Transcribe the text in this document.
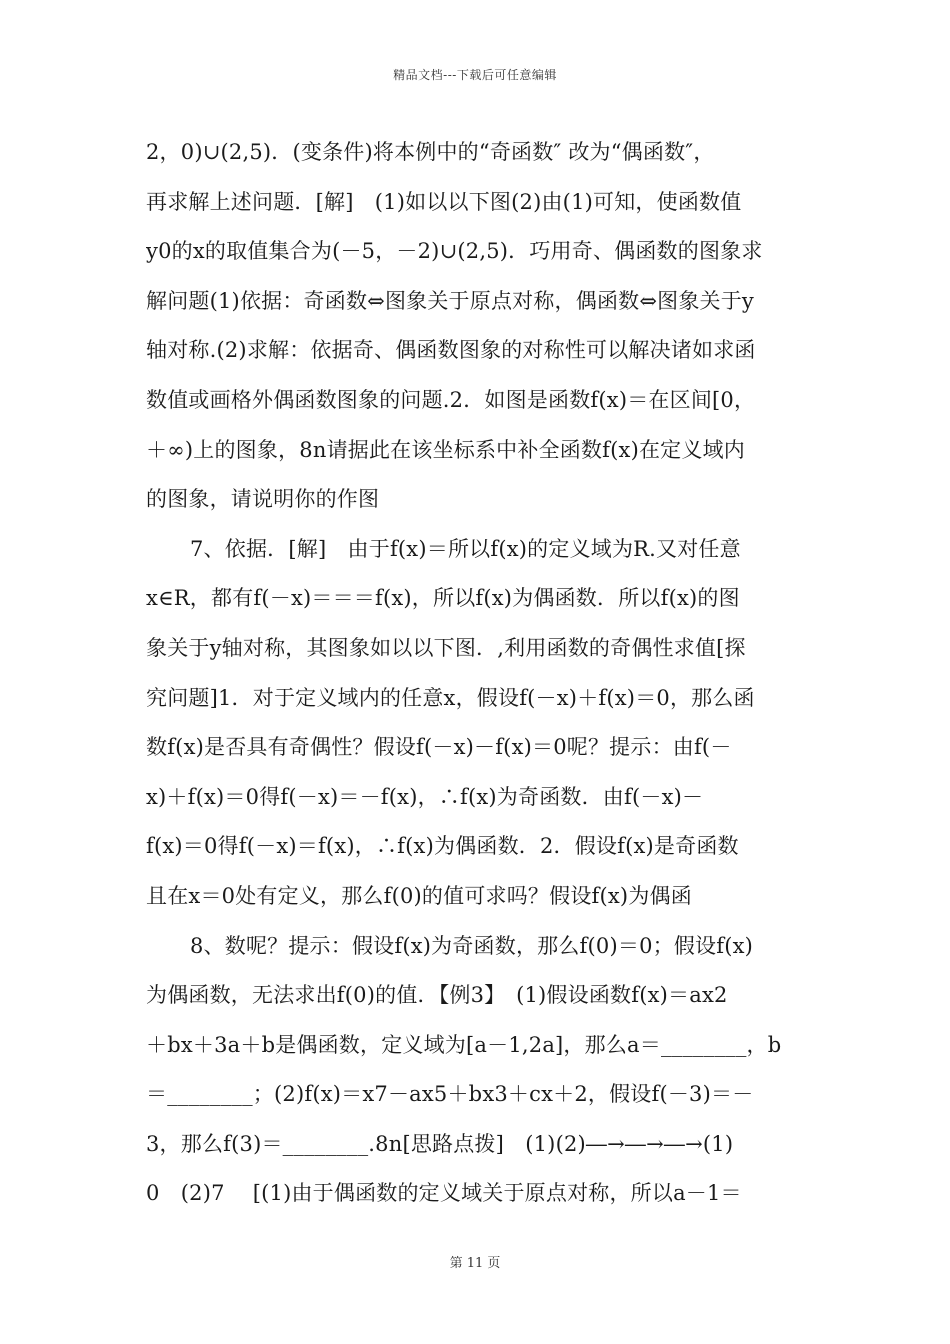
精品文档---下载后可任意编辑
2，0)∪(2,5)．(变条件)将本例中的“奇函数″ 改为“偶函数″，
再求解上述问题．[解]　(1)如以以下图(2)由(1)可知，使函数值
y0的x的取值集合为(－5，－2)∪(2,5)．巧用奇、偶函数的图象求
解问题(1)依据：奇函数⇔图象关于原点对称，偶函数⇔图象关于y
轴对称.(2)求解：依据奇、偶函数图象的对称性可以解决诸如求函
数值或画格外偶函数图象的问题.2．如图是函数f(x)＝在区间[0，
＋∞)上的图象，8n请据此在该坐标系中补全函数f(x)在定义域内
的图象，请说明你的作图
7、依据．[解]　由于f(x)＝所以f(x)的定义域为R.又对任意
x∈R，都有f(－x)＝＝＝f(x)，所以f(x)为偶函数．所以f(x)的图
象关于y轴对称，其图象如以以下图．,利用函数的奇偶性求值[探
究问题]1．对于定义域内的任意x，假设f(－x)＋f(x)＝0，那么函
数f(x)是否具有奇偶性？假设f(－x)－f(x)＝0呢？提示：由f(－
x)＋f(x)＝0得f(－x)＝－f(x)，∴f(x)为奇函数．由f(－x)－
f(x)＝0得f(－x)＝f(x)，∴f(x)为偶函数．2．假设f(x)是奇函数
且在x＝0处有定义，那么f(0)的值可求吗？假设f(x)为偶函
8、数呢？提示：假设f(x)为奇函数，那么f(0)＝0；假设f(x)
为偶函数，无法求出f(0)的值．【例3】　(1)假设函数f(x)＝ax2
＋bx＋3a＋b是偶函数，定义域为[a－1,2a]，那么a＝________，b
＝________；(2)f(x)＝x7－ax5＋bx3＋cx＋2，假设f(－3)＝－
3，那么f(3)＝________.8n[思路点拨]　(1)(2)―→―→―→(1)
0　(2)7　 [(1)由于偶函数的定义域关于原点对称，所以a－1＝
第 11 页
